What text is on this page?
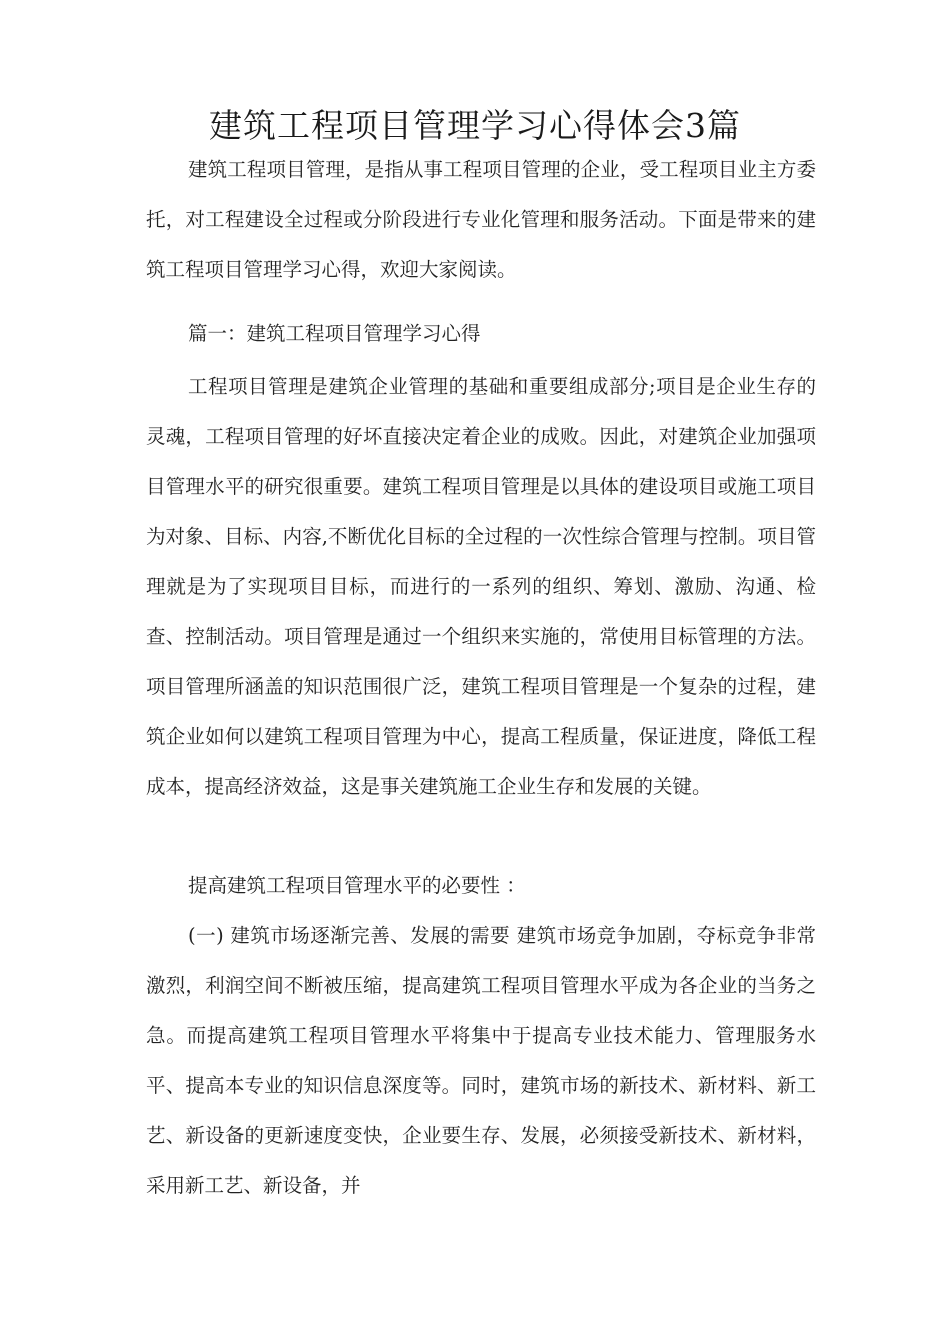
建筑工程项目管理学习心得体会3篇

建筑工程项目管理，是指从事工程项目管理的企业，受工程项目业主方委托，对工程建设全过程或分阶段进行专业化管理和服务活动。下面是带来的建筑工程项目管理学习心得，欢迎大家阅读。

篇一：建筑工程项目管理学习心得

工程项目管理是建筑企业管理的基础和重要组成部分;项目是企业生存的灵魂，工程项目管理的好坏直接决定着企业的成败。因此，对建筑企业加强项目管理水平的研究很重要。建筑工程项目管理是以具体的建设项目或施工项目为对象、目标、内容,不断优化目标的全过程的一次性综合管理与控制。项目管理就是为了实现项目目标，而进行的一系列的组织、筹划、激励、沟通、检查、控制活动。项目管理是通过一个组织来实施的，常使用目标管理的方法。项目管理所涵盖的知识范围很广泛，建筑工程项目管理是一个复杂的过程，建筑企业如何以建筑工程项目管理为中心，提高工程质量，保证进度，降低工程成本，提高经济效益，这是事关建筑施工企业生存和发展的关键。

提高建筑工程项目管理水平的必要性 ：

(一) 建筑市场逐渐完善、发展的需要 建筑市场竞争加剧，夺标竞争非常激烈，利润空间不断被压缩，提高建筑工程项目管理水平成为各企业的当务之急。而提高建筑工程项目管理水平将集中于提高专业技术能力、管理服务水平、提高本专业的知识信息深度等。同时，建筑市场的新技术、新材料、新工艺、新设备的更新速度变快，企业要生存、发展，必须接受新技术、新材料，采用新工艺、新设备，并
